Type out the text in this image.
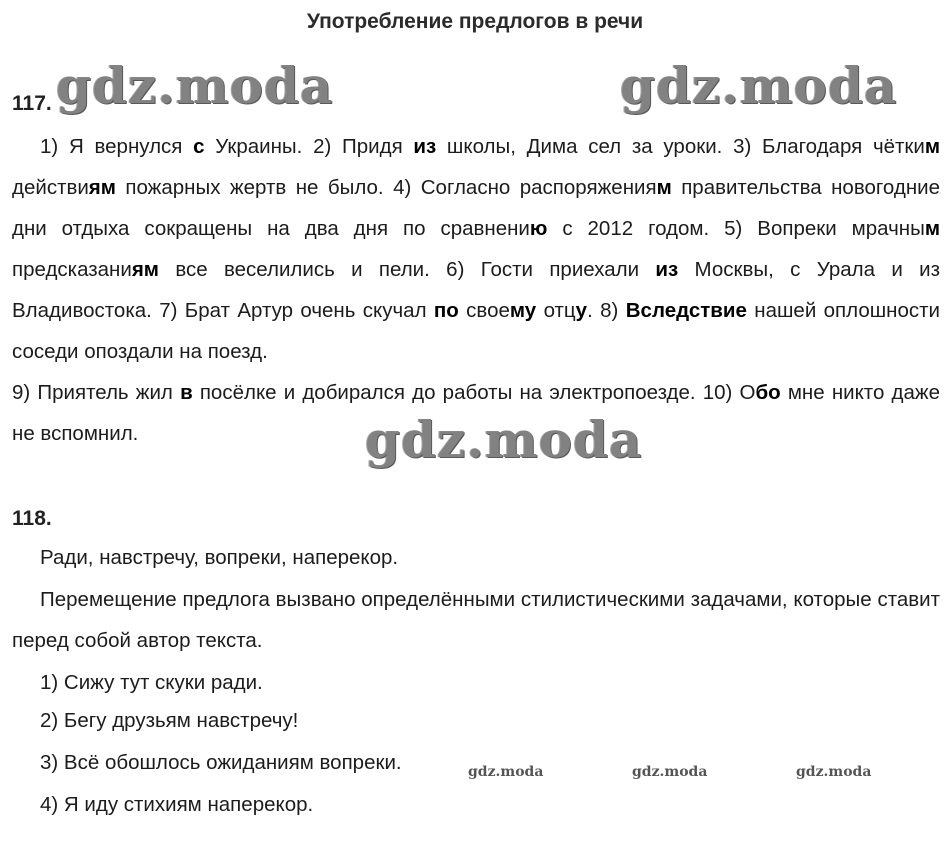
Употребление предлогов в речи
117.

1) Я вернулся с Украины. 2) Придя из школы, Дима сел за уроки. 3) Благодаря чётким действиям пожарных жертв не было. 4) Согласно распоряжениям правительства новогодние дни отдыха сокращены на два дня по сравнению с 2012 годом. 5) Вопреки мрачным предсказаниям все веселились и пели. 6) Гости приехали из Москвы, с Урала и из Владивостока. 7) Брат Артур очень скучал по своему отцу. 8) Вследствие нашей оплошности соседи опоздали на поезд.

9) Приятель жил в посёлке и добирался до работы на электропоезде. 10) Обо мне никто даже не вспомнил.

gdz.moda	gdz.moda
gdz.moda
118.

Ради, навстречу, вопреки, наперекор.

Перемещение предлога вызвано определёнными стилистическими задачами, которые ставит перед собой автор текста.

1) Сижу тут скуки ради.

2) Бегу друзьям навстречу!

3) Всё обошлось ожиданиям вопреки.

4) Я иду стихиям наперекор.

gdz.moda	gdz.moda	gdz.moda
